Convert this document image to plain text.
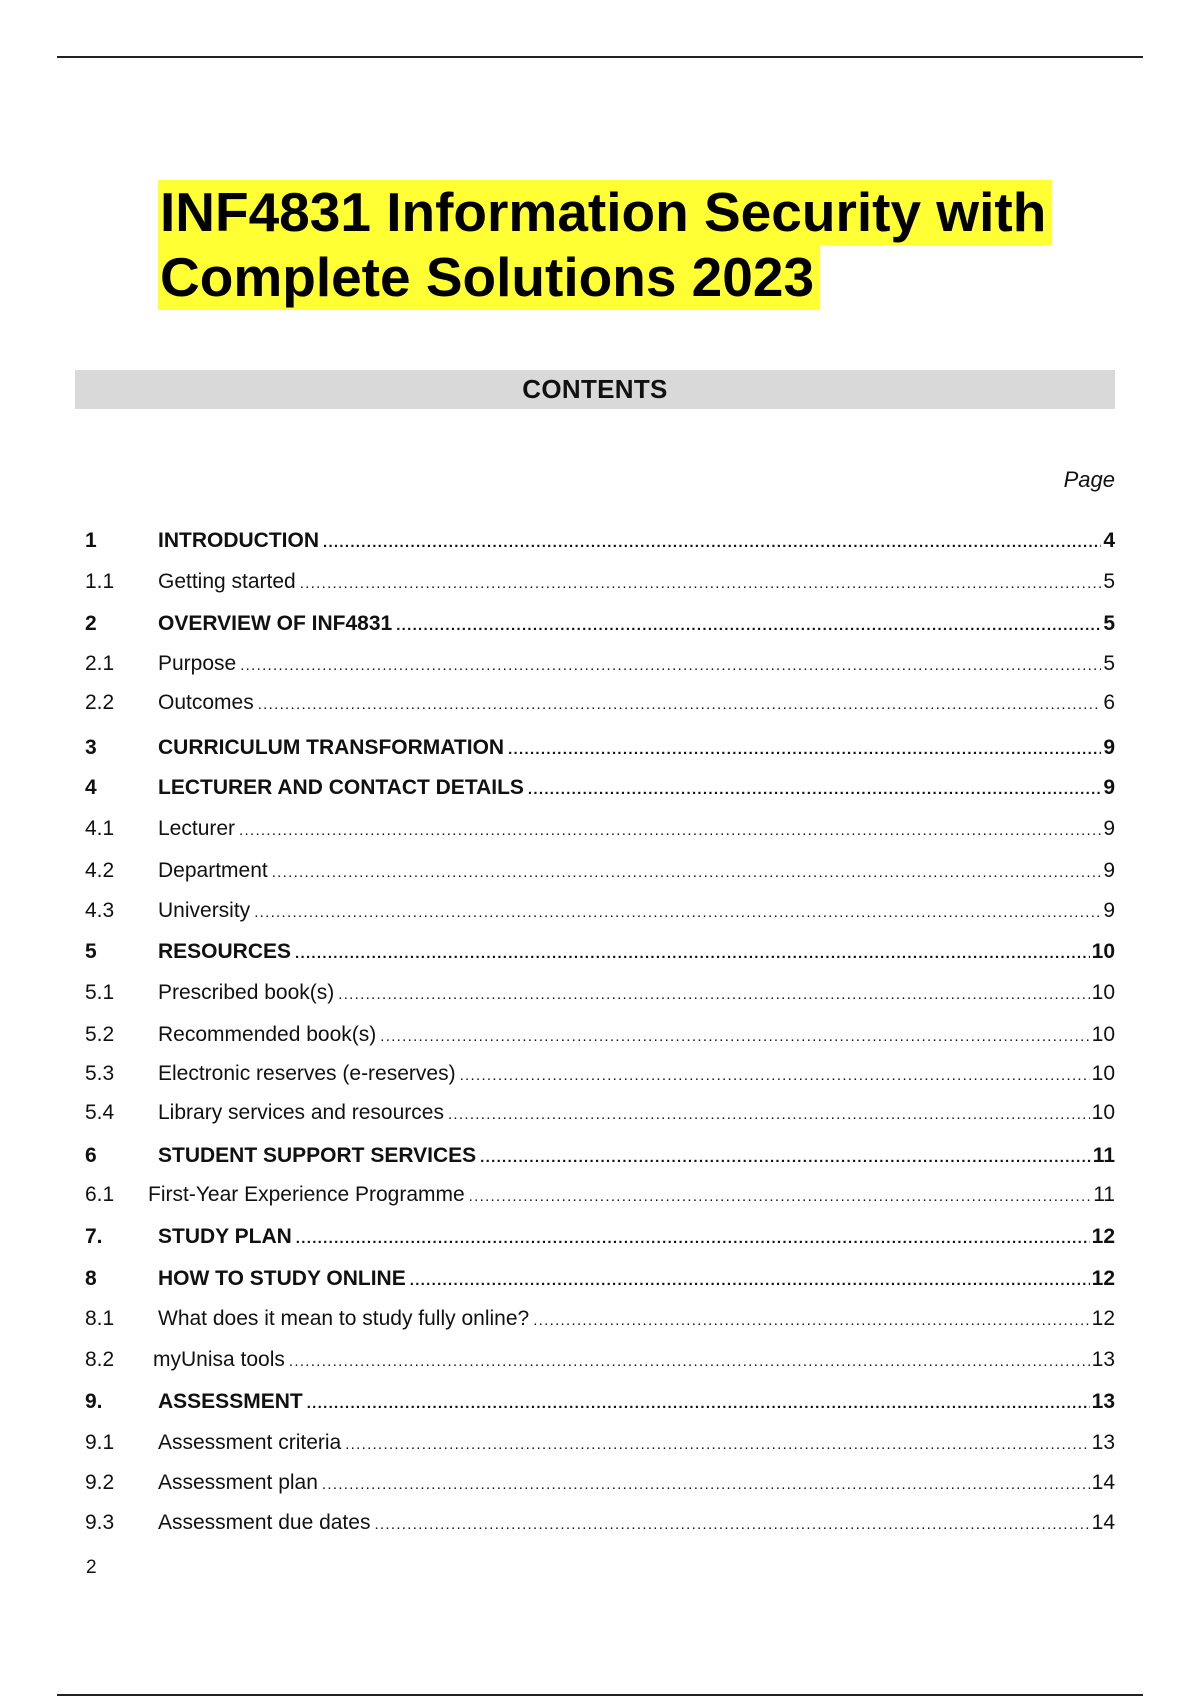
INF4831 Information Security with
Complete Solutions 2023
CONTENTS
Page
1	INTRODUCTION .....	4
1.1	Getting started .....	5
2	OVERVIEW OF INF4831 .....	5
2.1	Purpose .....	5
2.2	Outcomes .....	6
3	CURRICULUM TRANSFORMATION .....	9
4	LECTURER AND CONTACT DETAILS .....	9
4.1	Lecturer .....	9
4.2	Department .....	9
4.3	University .....	9
5	RESOURCES .....	10
5.1	Prescribed book(s) .....	10
5.2	Recommended book(s) .....	10
5.3	Electronic reserves (e-reserves) .....	10
5.4	Library services and resources .....	10
6	STUDENT SUPPORT SERVICES .....	11
6.1	First-Year Experience Programme .....	11
7.	STUDY PLAN .....	12
8	HOW TO STUDY ONLINE .....	12
8.1	What does it mean to study fully online? .....	12
8.2	myUnisa tools .....	13
9.	ASSESSMENT .....	13
9.1	Assessment criteria .....	13
9.2	Assessment plan .....	14
9.3	Assessment due dates .....	14
2
